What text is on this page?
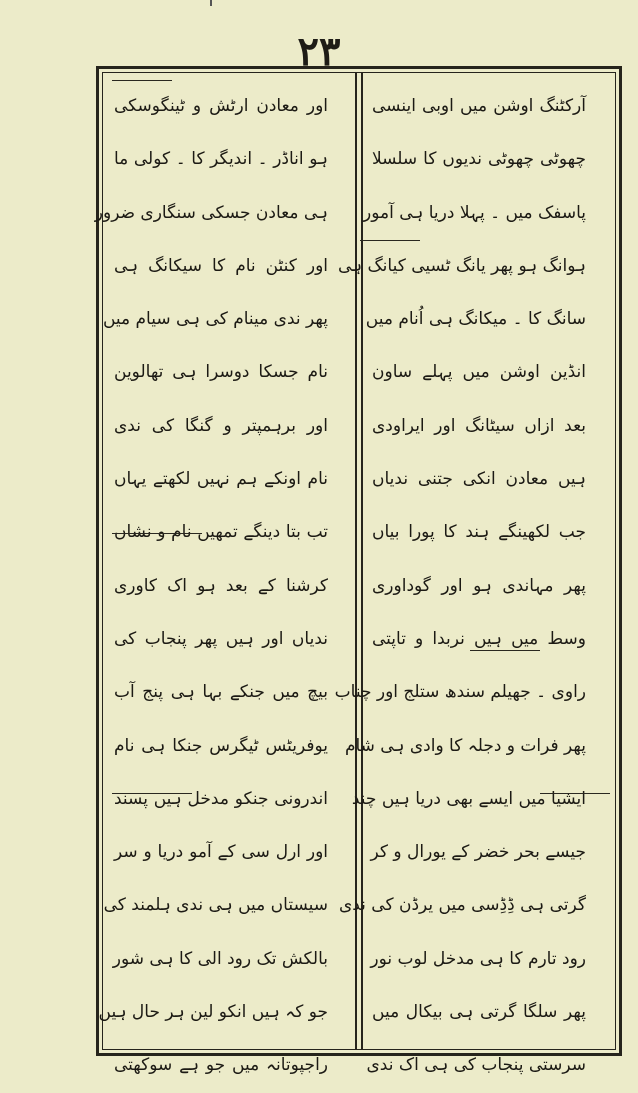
٢٣
آرکٹنگ اوشن میں اوبی اینسی
چھوٹی چھوٹی ندیوں کا سلسلا
پاسفک میں ۔ پہلا دریا ہی آمور
ہوانگ ہو پھر یانگ ٹسیی کیانگ ہی
سانگ کا ۔ میکانگ ہی اُنام میں
انڈین اوشن میں پہلے ساون
بعد ازاں سیٹانگ اور ایراودی
ہیں معادن انکی جتنی ندیاں
جب لکھینگے ہند کا پورا بیاں
پھر مہاندی ہو اور گوداوری
وسط میں ہیں نربدا و تاپتی
راوی ۔ جھیلم سندھ ستلج اور چناب
پھر فرات و دجلہ کا وادی ہی شام
ایشیا میں ایسے بھی دریا ہیں چند
جیسے بحر خضر کے یورال و کر
گرتی ہی ڈِڈِسی میں یرڈن کی ندی
رود تارم کا ہی مدخل لوب نور
پھر سلگا گرتی ہی بیکال میں
سرستی پنجاب کی ہی اک ندی
اور معادن ارٹش و ٹینگوسکی
ہو اناڈر ۔ اندیگر کا ۔ کولی ما
ہی معادن جسکی سنگاری ضرور
اور کنٹن نام کا سیکانگ ہی
پھر ندی مینام کی ہی سیام میں
نام جسکا دوسرا ہی تھالوین
اور برہمپتر و گنگا کی ندی
نام اونکے ہم نہیں لکھتے یہاں
تب بتا دینگے تمھیں نام و نشاں
کرشنا کے بعد ہو اک کاوری
ندیاں اور ہیں پھر پنجاب کی
بیچ میں جنکے بہا ہی پنج آب
یوفریٹس ٹیگرس جنکا ہی نام
اندرونی جنکو مدخل ہیں پسند
اور ارل سی کے آمو دریا و سر
سیستاں میں ہی ندی ہلمند کی
بالکش تک رود الی کا ہی شور
جو کہ ہیں انکو لین ہر حال ہیں
راجپوتانہ میں جو ہے سوکھتی
